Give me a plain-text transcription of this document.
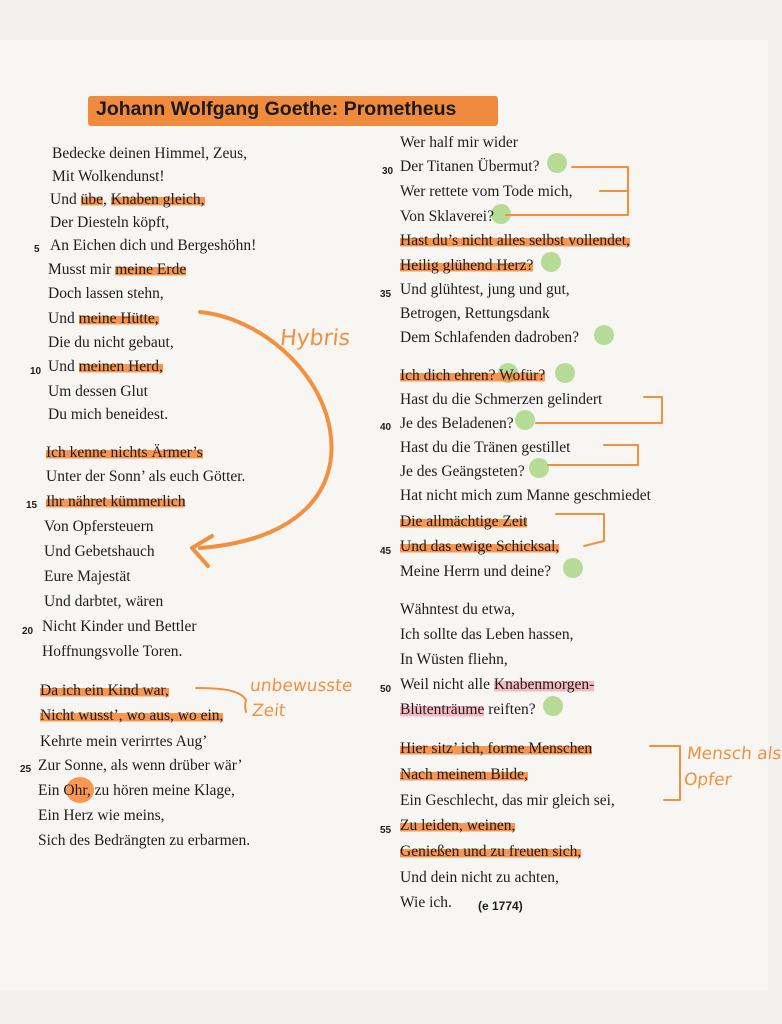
Johann Wolfgang Goethe: Prometheus
Bedecke deinen Himmel, Zeus,
Mit Wolkendunst!
Und übe, Knaben gleich,
Der Diesteln köpft,
5 An Eichen dich und Bergeshöhn!
Musst mir meine Erde
Doch lassen stehn,
Und meine Hütte,
Die du nicht gebaut,
10 Und meinen Herd,
Um dessen Glut
Du mich beneidest.
Ich kenne nichts Ärmer’s
Unter der Sonn’ als euch Götter.
15 Ihr nähret kümmerlich
Von Opfersteuern
Und Gebetshauch
Eure Majestät
Und darbtet, wären
20 Nicht Kinder und Bettler
Hoffnungsvolle Toren.
Da ich ein Kind war,
Nicht wusst’, wo aus, wo ein,
Kehrte mein verirrtes Aug’
25 Zur Sonne, als wenn drüber wär’
Ein Ohr, zu hören meine Klage,
Ein Herz wie meins,
Sich des Bedrängten zu erbarmen.
Wer half mir wider
30 Der Titanen Übermut?
Wer rettete vom Tode mich,
Von Sklaverei?
Hast du’s nicht alles selbst vollendet,
Heilig glühend Herz?
35 Und glühtest, jung und gut,
Betrogen, Rettungsdank
Dem Schlafenden dadroben?
Ich dich ehren? Wofür?
Hast du die Schmerzen gelindert
40 Je des Beladenen?
Hast du die Tränen gestillet
Je des Geängsteten?
Hat nicht mich zum Manne geschmiedet
Die allmächtige Zeit
45 Und das ewige Schicksal,
Meine Herrn und deine?
Wähntest du etwa,
Ich sollte das Leben hassen,
In Wüsten fliehn,
50 Weil nicht alle Knabenmorgen-
Blütenträume reiften?
Hier sitz’ ich, forme Menschen
Nach meinem Bilde,
Ein Geschlecht, das mir gleich sei,
55 Zu leiden, weinen,
Genießen und zu freuen sich,
Und dein nicht zu achten,
Wie ich. (e 1774)
Hybris
unbewusste
Zeit
Mensch als
Opfer
